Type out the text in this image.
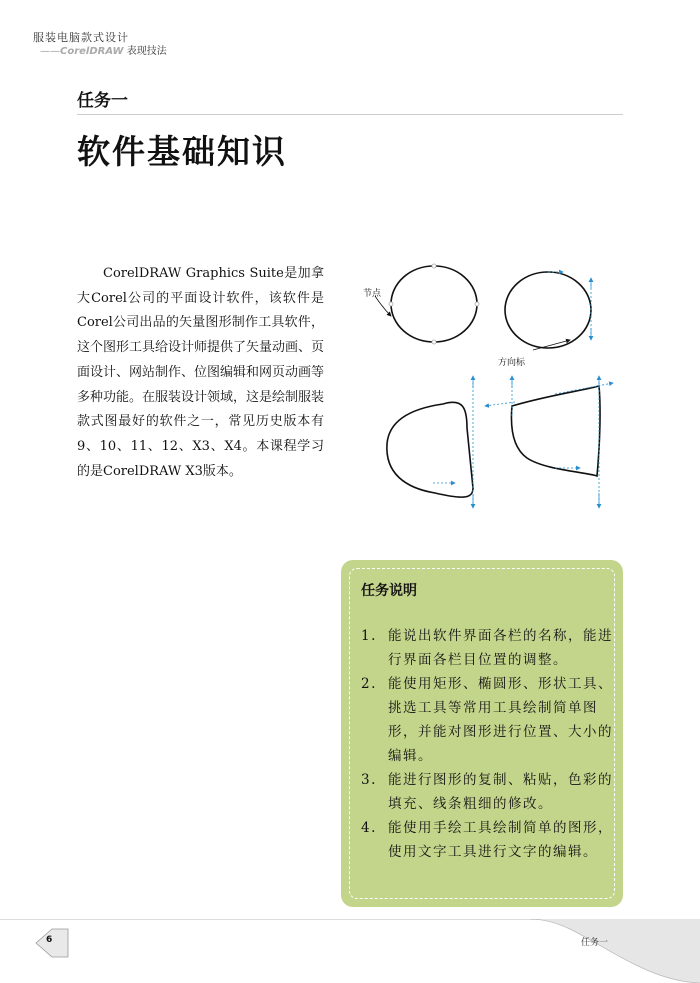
服装电脑款式设计
——CorelDRAW 表现技法
任务一
软件基础知识

CorelDRAW Graphics Suite是加拿大Corel公司的平面设计软件，该软件是Corel公司出品的矢量图形制作工具软件，这个图形工具给设计师提供了矢量动画、页面设计、网站制作、位图编辑和网页动画等多种功能。在服装设计领域，这是绘制服装款式图最好的软件之一，常见历史版本有9、10、11、12、X3、X4。本课程学习的是CorelDRAW X3版本。

节点
方向标
任务说明
1. 能说出软件界面各栏的名称，能进行界面各栏目位置的调整。
2. 能使用矩形、椭圆形、形状工具、挑选工具等常用工具绘制简单图形，并能对图形进行位置、大小的编辑。
3. 能进行图形的复制、粘贴，色彩的填充、线条粗细的修改。
4. 能使用手绘工具绘制简单的图形，使用文字工具进行文字的编辑。
6	任务一
